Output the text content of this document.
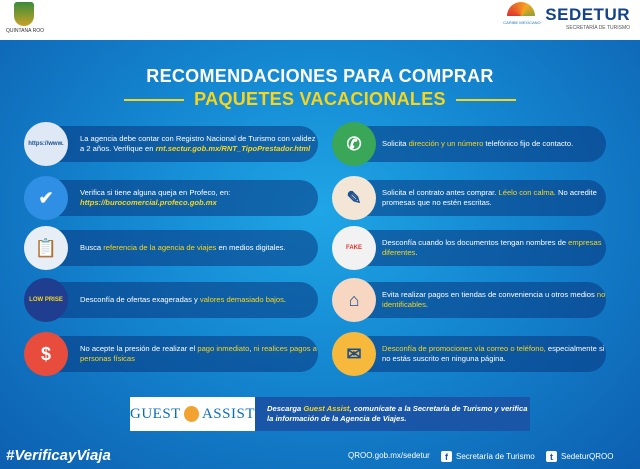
QUINTANA ROO
CARIBE MEXICANO SEDETUR
SECRETARÍA DE TURISMO
RECOMENDACIONES PARA COMPRAR
PAQUETES VACACIONALES
https://www.
La agencia debe contar con Registro Nacional de Turismo con validez a 2 años. Verifique en rnt.sectur.gob.mx/RNT_TipoPrestador.html
✔	Verifica si tiene alguna queja en Profeco, en: https://burocomercial.profeco.gob.mx
📋	Busca referencia de la agencia de viajes en medios digitales.
LOW PRISE Desconfía de ofertas exageradas y valores demasiado bajos.
$	No acepte la presión de realizar el pago inmediato, ni realices pagos a personas físicas
✆	Solicita dirección y un número telefónico fijo de contacto.
✎	Solicita el contrato antes comprar. Léelo con calma. No acredite promesas que no estén escritas.
FAKE
Desconfía cuando los documentos tengan nombres de empresas diferentes.
⌂	Evita realizar pagos en tiendas de conveniencia u otros medios no identificables.
✉	Desconfía de promociones vía correo o teléfono, especialmente si no estás suscrito en ninguna página.
GUEST ASSIST	Descarga Guest Assist, comunícate a la Secretaría de Turismo y verifica la información de la Agencia de Viajes.
#VerificayViaja	QROO.gob.mx/sedetur	f	Secretaría de Turismo	t	SedeturQROO
